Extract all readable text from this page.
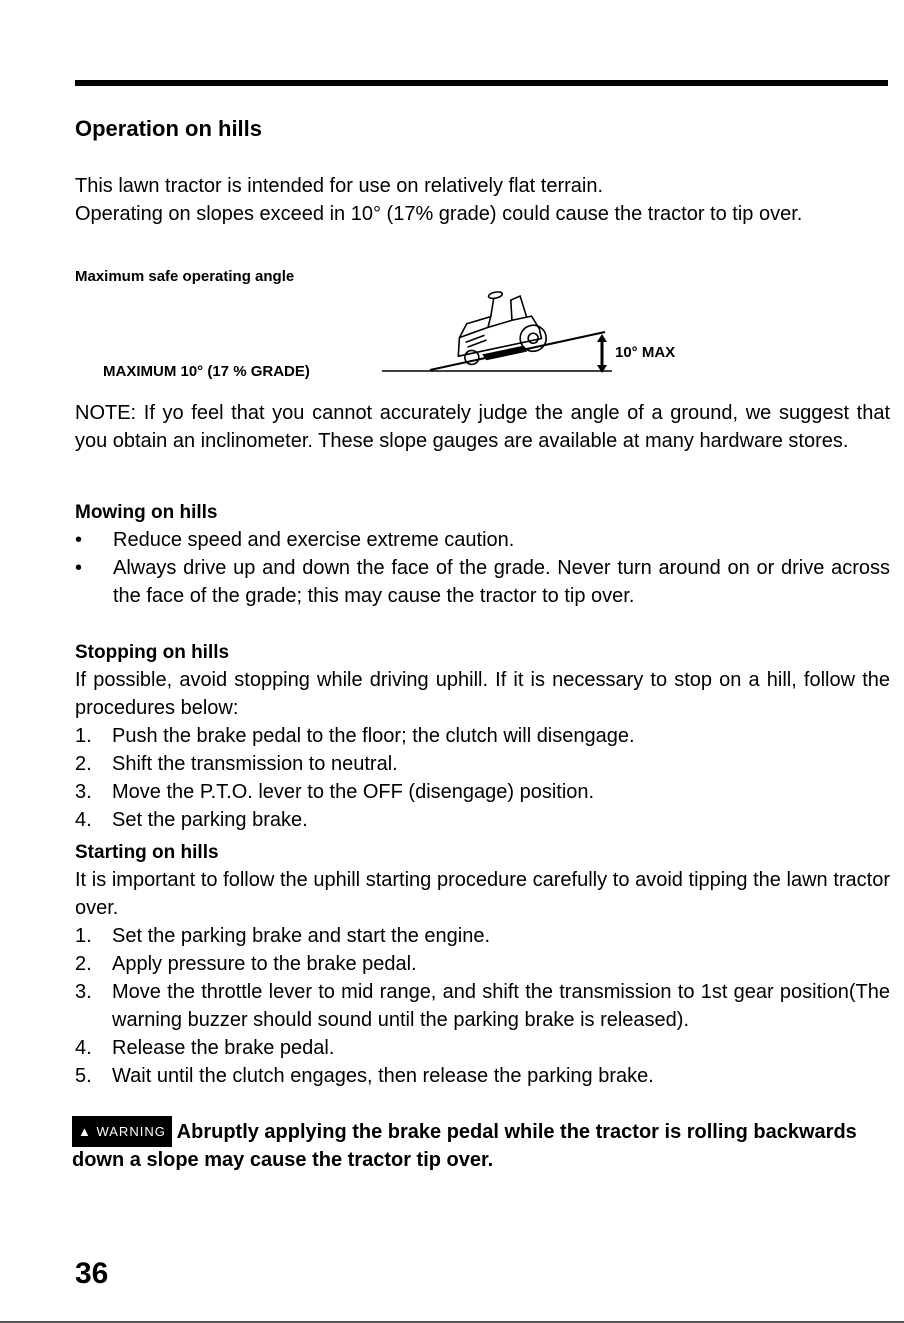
Operation on hills
This lawn tractor is intended for use on relatively flat terrain.
Operating on slopes exceed in 10° (17% grade) could cause the tractor to tip over.
Maximum safe operating angle
MAXIMUM 10° (17 % GRADE)
10° MAX
NOTE: If yo feel that you cannot accurately judge the angle of a ground, we suggest that you obtain an inclinometer. These slope gauges are available at many hardware stores.
Mowing on hills
•	Reduce speed and exercise extreme caution.
•	Always drive up and down the face of the grade. Never turn around on or drive across the face of the grade; this may cause the tractor to tip over.
Stopping on hills
If possible, avoid stopping while driving uphill. If it is necessary to stop on a hill, follow the procedures below:
1.	Push the brake pedal to the floor; the clutch will disengage.
2.	Shift the transmission to neutral.
3.	Move the P.T.O. lever to the OFF (disengage) position.
4.	Set the parking brake.
Starting on hills
It is important to follow the uphill starting procedure carefully to avoid tipping the lawn tractor over.
1.	Set the parking brake and start the engine.
2.	Apply pressure to the brake pedal.
3.	Move the throttle lever to mid range, and shift the transmission to 1st gear position(The warning buzzer should sound until the parking brake is released).
4.	Release the brake pedal.
5.	Wait until the clutch engages, then release the parking brake.
▲ WARNING Abruptly applying the brake pedal while the tractor is rolling backwards down a slope may cause the tractor tip over.
36
